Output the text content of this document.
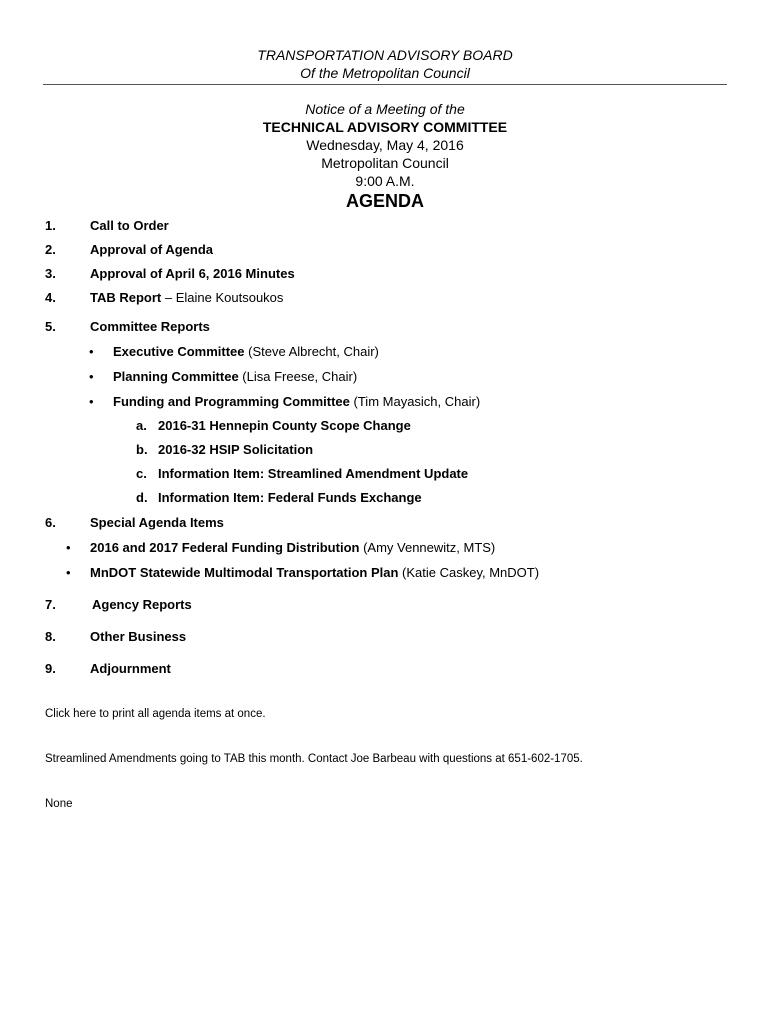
TRANSPORTATION ADVISORY BOARD
Of the Metropolitan Council
Notice of a Meeting of the
TECHNICAL ADVISORY COMMITTEE
Wednesday, May 4, 2016
Metropolitan Council
9:00 A.M.
AGENDA
1.	Call to Order
2.	Approval of Agenda
3.	Approval of April 6, 2016 Minutes
4.	TAB Report – Elaine Koutsoukos
5.	Committee Reports
• Executive Committee (Steve Albrecht, Chair)
• Planning Committee (Lisa Freese, Chair)
• Funding and Programming Committee (Tim Mayasich, Chair)
a. 2016-31 Hennepin County Scope Change
b. 2016-32 HSIP Solicitation
c. Information Item: Streamlined Amendment Update
d. Information Item: Federal Funds Exchange
6.	Special Agenda Items
• 2016 and 2017 Federal Funding Distribution (Amy Vennewitz, MTS)
• MnDOT Statewide Multimodal Transportation Plan (Katie Caskey, MnDOT)
7.	Agency Reports
8.	Other Business
9.	Adjournment
Click here to print all agenda items at once.
Streamlined Amendments going to TAB this month. Contact Joe Barbeau with questions at 651-602-1705.
None
